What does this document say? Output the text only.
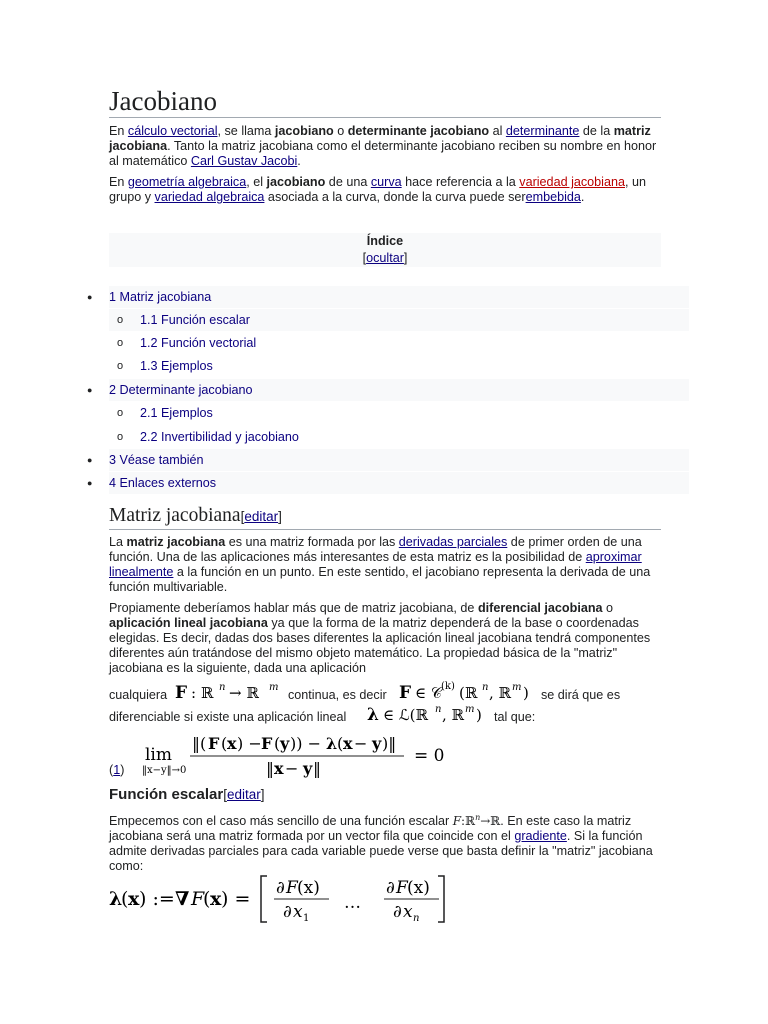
Jacobiano

En cálculo vectorial, se llama jacobiano o determinante jacobiano al determinante de la matriz jacobiana. Tanto la matriz jacobiana como el determinante jacobiano reciben su nombre en honor al matemático Carl Gustav Jacobi.

En geometría algebraica, el jacobiano de una curva hace referencia a la variedad jacobiana, un grupo y variedad algebraica asociada a la curva, donde la curva puede serembebida.

Índice
[ocultar]
● 1 Matriz jacobiana
o 1.1 Función escalar
o 1.2 Función vectorial
o 1.3 Ejemplos
● 2 Determinante jacobiano
o 2.1 Ejemplos
o 2.2 Invertibilidad y jacobiano
● 3 Véase también
● 4 Enlaces externos
Matriz jacobiana[editar]

La matriz jacobiana es una matriz formada por las derivadas parciales de primer orden de una función. Una de las aplicaciones más interesantes de esta matriz es la posibilidad de aproximar linealmente a la función en un punto. En este sentido, el jacobiano representa la derivada de una función multivariable.

Propiamente deberíamos hablar más que de matriz jacobiana, de diferencial jacobiana o aplicación lineal jacobiana ya que la forma de la matriz dependerá de la base o coordenadas elegidas. Es decir, dadas dos bases diferentes la aplicación lineal jacobiana tendrá componentes diferentes aún tratándose del mismo objeto matemático. La propiedad básica de la "matriz" jacobiana es la siguiente, dada una aplicación

cualquiera F : ℝ n → ℝ m
continua, es decir F ∈ 𝒞 (k) (ℝ n , ℝ m ) se dirá que es
diferenciable si existe una aplicación lineal λ ∈ ℒ(ℝ n , ℝ m ) tal que:
lim
‖x−y‖→0
‖( F ( x ) − F ( y )) − λ ( x − y )‖
‖ x − y ‖
= 0
(1)
Función escalar[editar]

Empecemos con el caso más sencillo de una función escalar F:ℝ$^n$→ℝ. En este caso la matriz jacobiana será una matriz formada por un vector fila que coincide con el gradiente. Si la función admite derivadas parciales para cada variable puede verse que basta definir la "matriz" jacobiana como:

λ
( x ) := ∇ F
( x ) = ∂ F (x)
∂ x 1
…
∂ F (x)
∂ x n
